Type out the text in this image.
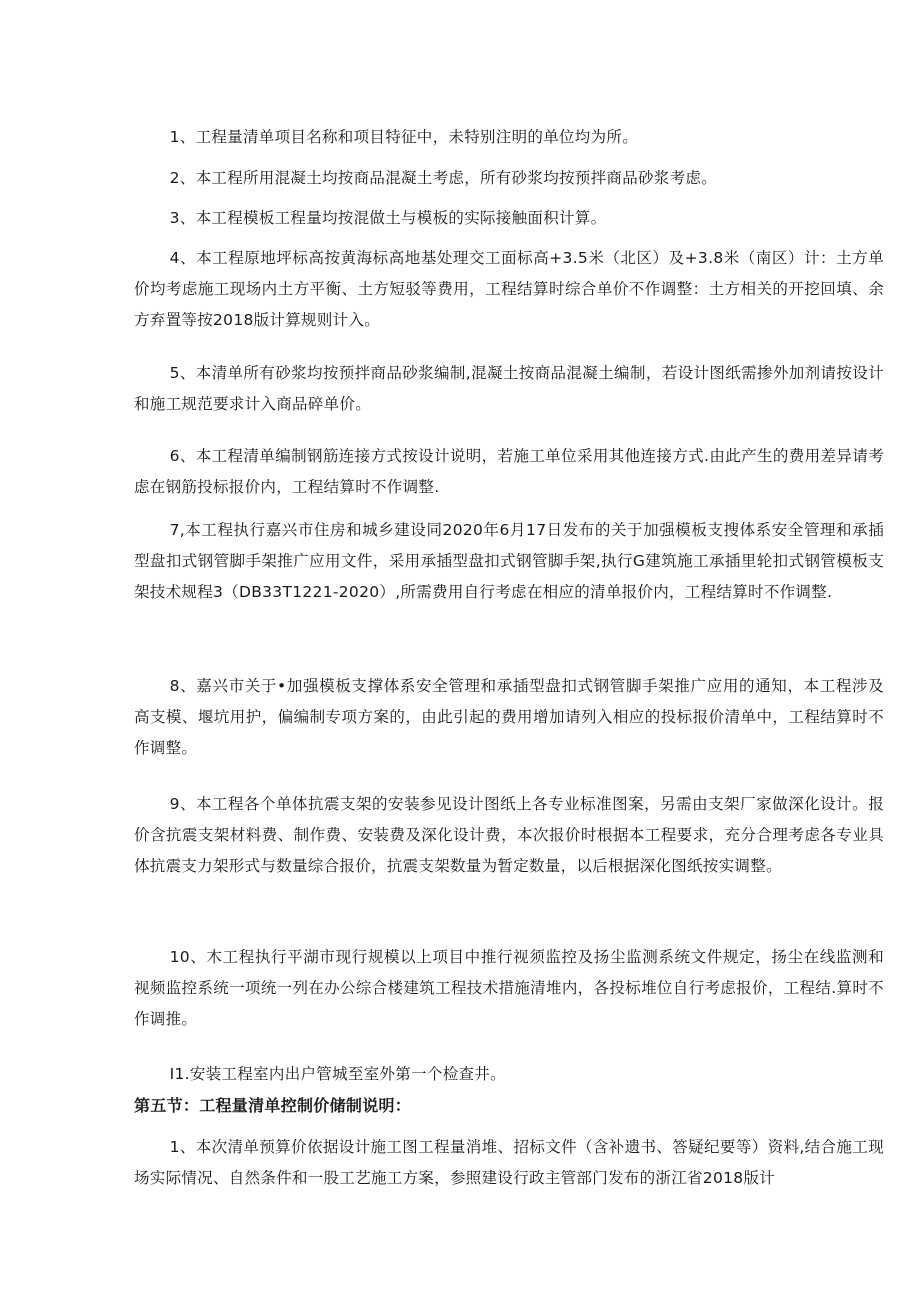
1、工程量清单项目名称和项目特征中，未特别注明的单位均为所。

2、本工程所用混凝土均按商品混凝土考虑，所有砂浆均按预拌商品砂浆考虑。

3、本工程模板工程量均按混做土与模板的实际接触面积计算。

4、本工程原地坪标高按黄海标高地基处理交工面标高+3.5米（北区）及+3.8米（南区）计：土方单价均考虑施工现场内土方平衡、土方短驳等费用，工程结算时综合单价不作调整：土方相关的开挖回填、余方弃置等按2018版计算规则计入。

5、本清单所有砂浆均按预拌商品砂浆编制,混凝土按商品混凝土编制，若设计图纸需掺外加剂请按设计和施工规范要求计入商品碎单价。

6、本工程清单编制钢筋连接方式按设计说明，若施工单位采用其他连接方式.由此产生的费用差异请考虑在钢筋投标报价内，工程结算时不作调整.

7,本工程执行嘉兴市住房和城乡建设同2020年6月17日发布的关于加强模板支搜体系安全管理和承插型盘扣式钢管脚手架推广应用文件，采用承插型盘扣式钢管脚手架,执行G建筑施工承插里轮扣式钢管模板支架技术规程3（DB33T1221-2020）,所需费用自行考虑在相应的清单报价内，工程结算时不作调整.

8、嘉兴市关于•加强模板支撑体系安全管理和承插型盘扣式钢管脚手架推广应用的通知，本工程涉及高支模、堰坑用护，偏编制专项方案的，由此引起的费用增加请列入相应的投标报价清单中，工程结算时不作调整。

9、本工程各个单体抗震支架的安装参见设计图纸上各专业标准图案，另需由支架厂家做深化设计。报价含抗震支架材料费、制作费、安装费及深化设计费，本次报价时根据本工程要求，充分合理考虑各专业具体抗震支力架形式与数量综合报价，抗震支架数量为暂定数量，以后根据深化图纸按实调整。

10、木工程执行平湖市现行规模以上项目中推行视须监控及扬尘监测系统文件规定，扬尘在线监测和视频监控系统一项统一列在办公综合楼建筑工程技术措施清堆内，各投标堆位自行考虑报价，工程结.算时不作调推。

I1.安装工程室内出户管城至室外第一个检查井。

第五节：工程量清单控制价储制说明：

1、本次清单预算价依据设计施工图工程量消堆、招标文件（含补遗书、答疑纪要等）资料,结合施工现场实际情况、自然条件和一股工艺施工方案，参照建设行政主管部门发布的浙江省2018版计
